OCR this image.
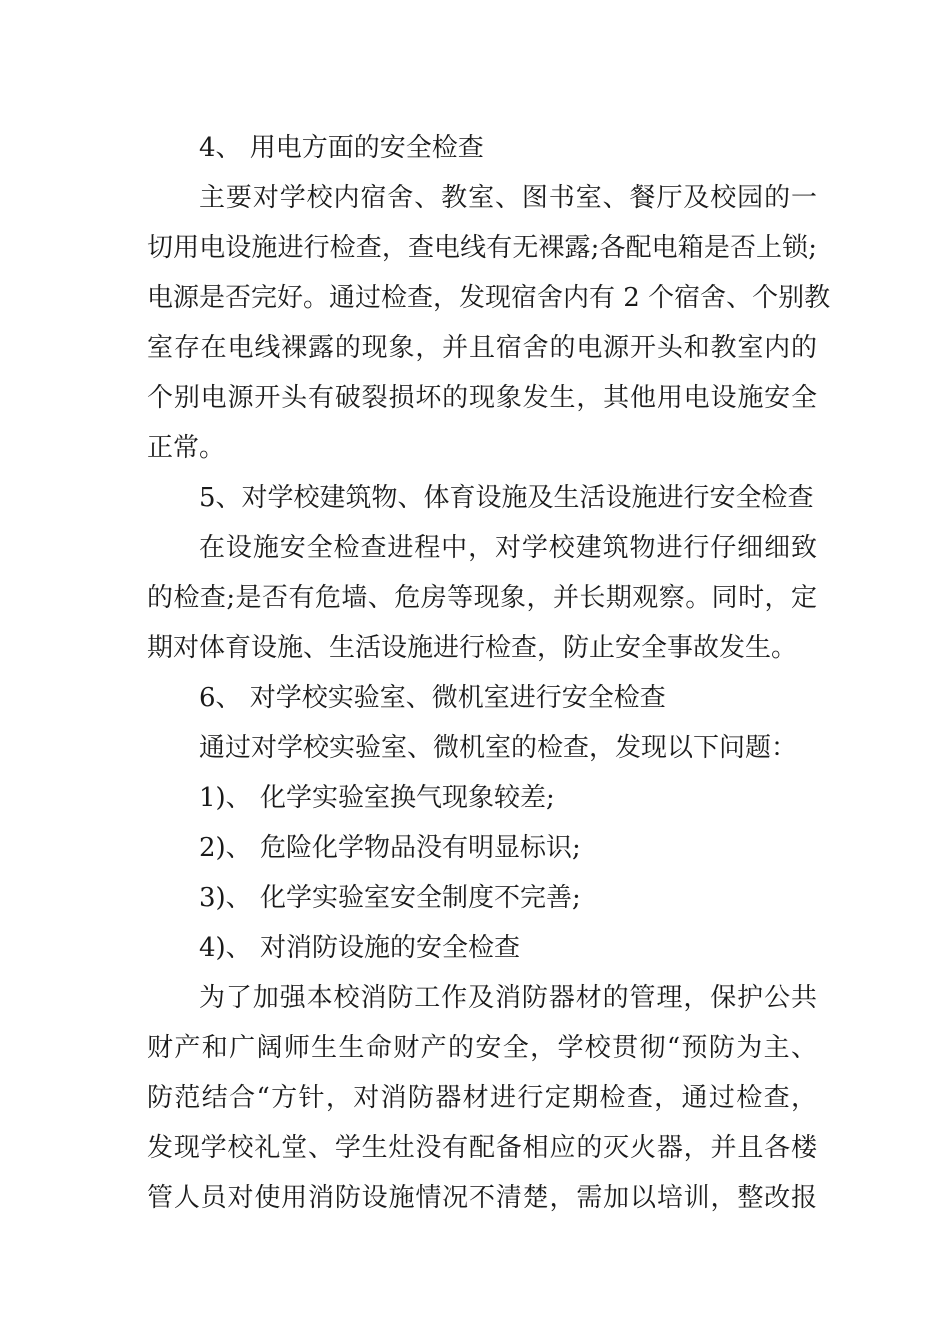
4、 用电方面的安全检查
主要对学校内宿舍、教室、图书室、餐厅及校园的一
切用电设施进行检查，查电线有无裸露;各配电箱是否上锁;
电源是否完好。通过检查，发现宿舍内有 2 个宿舍、个别教
室存在电线裸露的现象，并且宿舍的电源开头和教室内的
个别电源开头有破裂损坏的现象发生，其他用电设施安全
正常。
5、对学校建筑物、体育设施及生活设施进行安全检查
在设施安全检查进程中，对学校建筑物进行仔细细致
的检查;是否有危墙、危房等现象，并长期观察。同时，定
期对体育设施、生活设施进行检查，防止安全事故发生。
6、 对学校实验室、微机室进行安全检查
通过对学校实验室、微机室的检查，发现以下问题：
1)、 化学实验室换气现象较差;
2)、 危险化学物品没有明显标识;
3)、 化学实验室安全制度不完善;
4)、 对消防设施的安全检查
为了加强本校消防工作及消防器材的管理，保护公共
财产和广阔师生生命财产的安全，学校贯彻“预防为主、
防范结合“方针，对消防器材进行定期检查，通过检查，
发现学校礼堂、学生灶没有配备相应的灭火器，并且各楼
管人员对使用消防设施情况不清楚，需加以培训，整改报
